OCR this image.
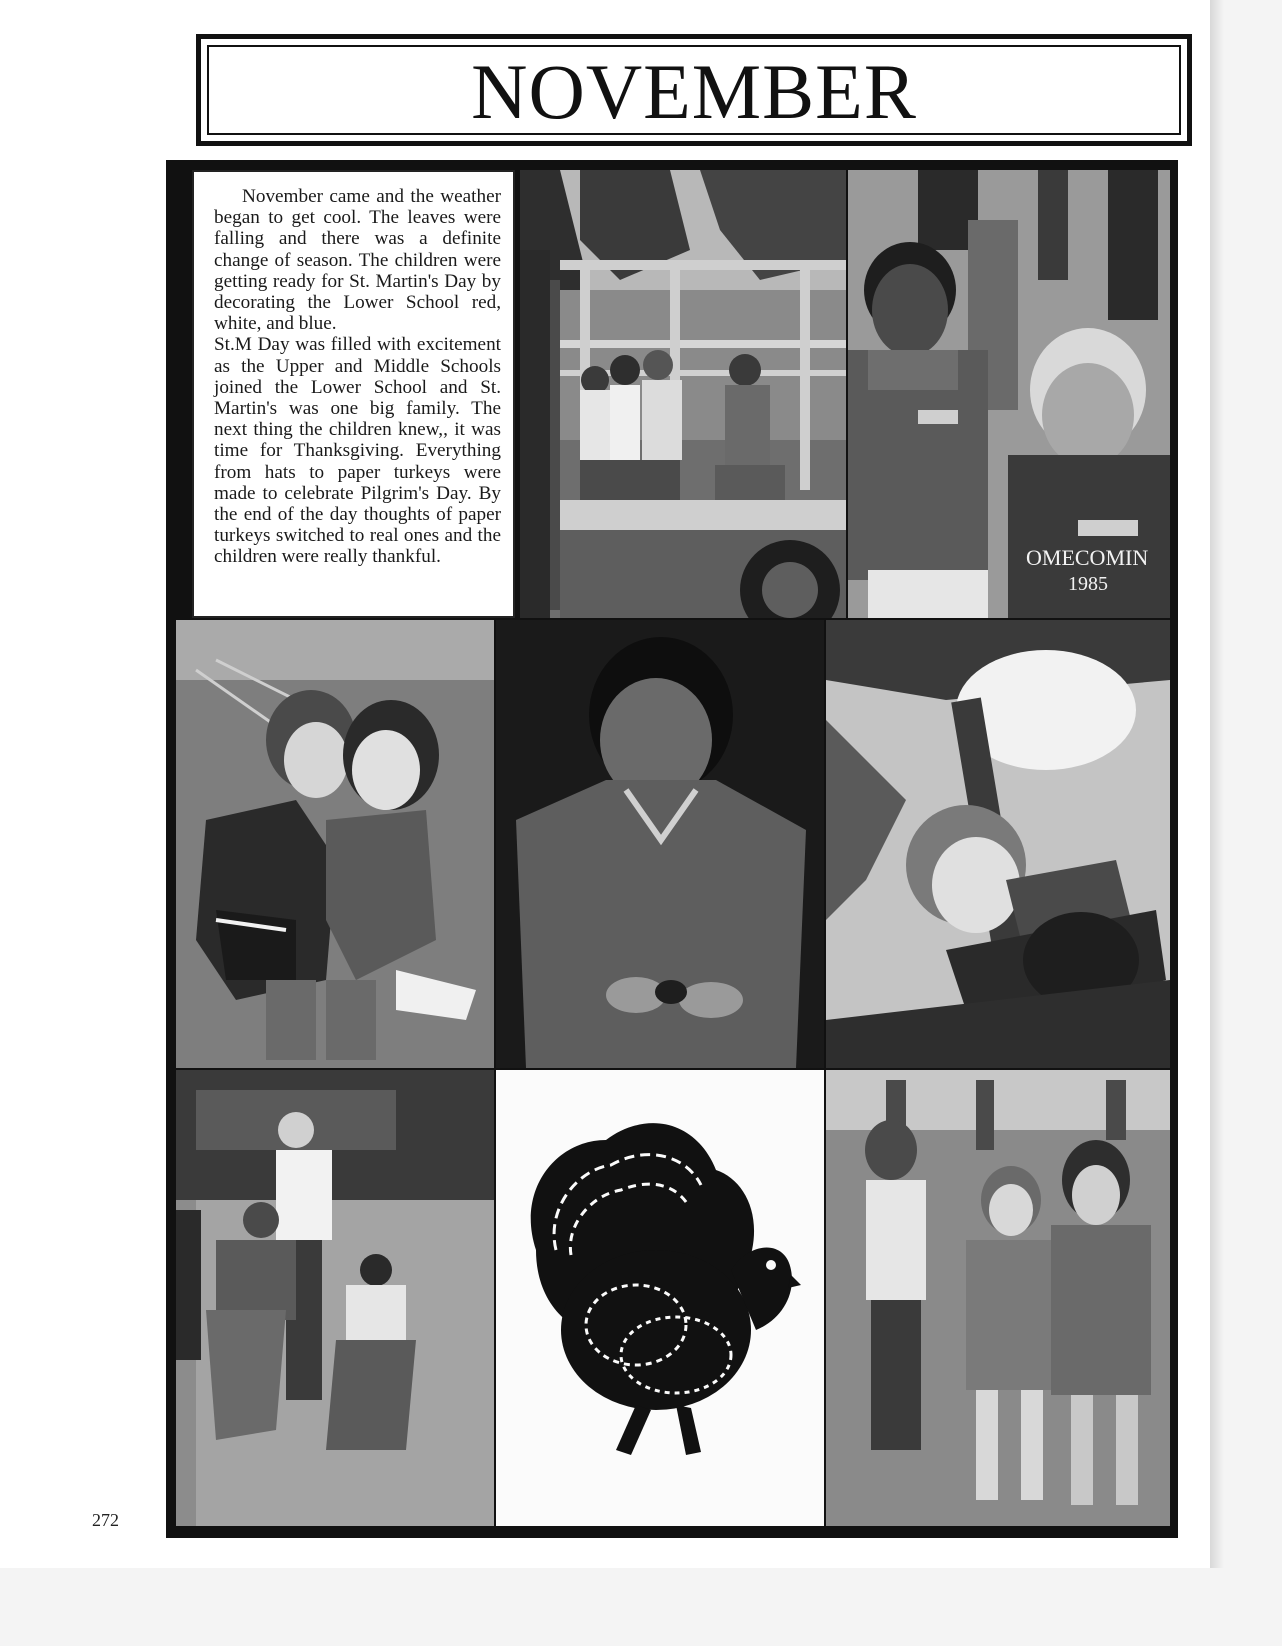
NOVEMBER

November came and the weather began to get cool. The leaves were falling and there was a definite change of season. The children were getting ready for St. Martin's Day by decorating the Lower School red, white, and blue.

St.M Day was filled with excitement as the Upper and Middle Schools joined the Lower School and St. Martin's was one big family. The next thing the children knew,, it was time for Thanksgiving. Everything from hats to paper turkeys were made to celebrate Pilgrim's Day. By the end of the day thoughts of paper turkeys switched to real ones and the children were really thankful.	OMECOMIN
1985
272
